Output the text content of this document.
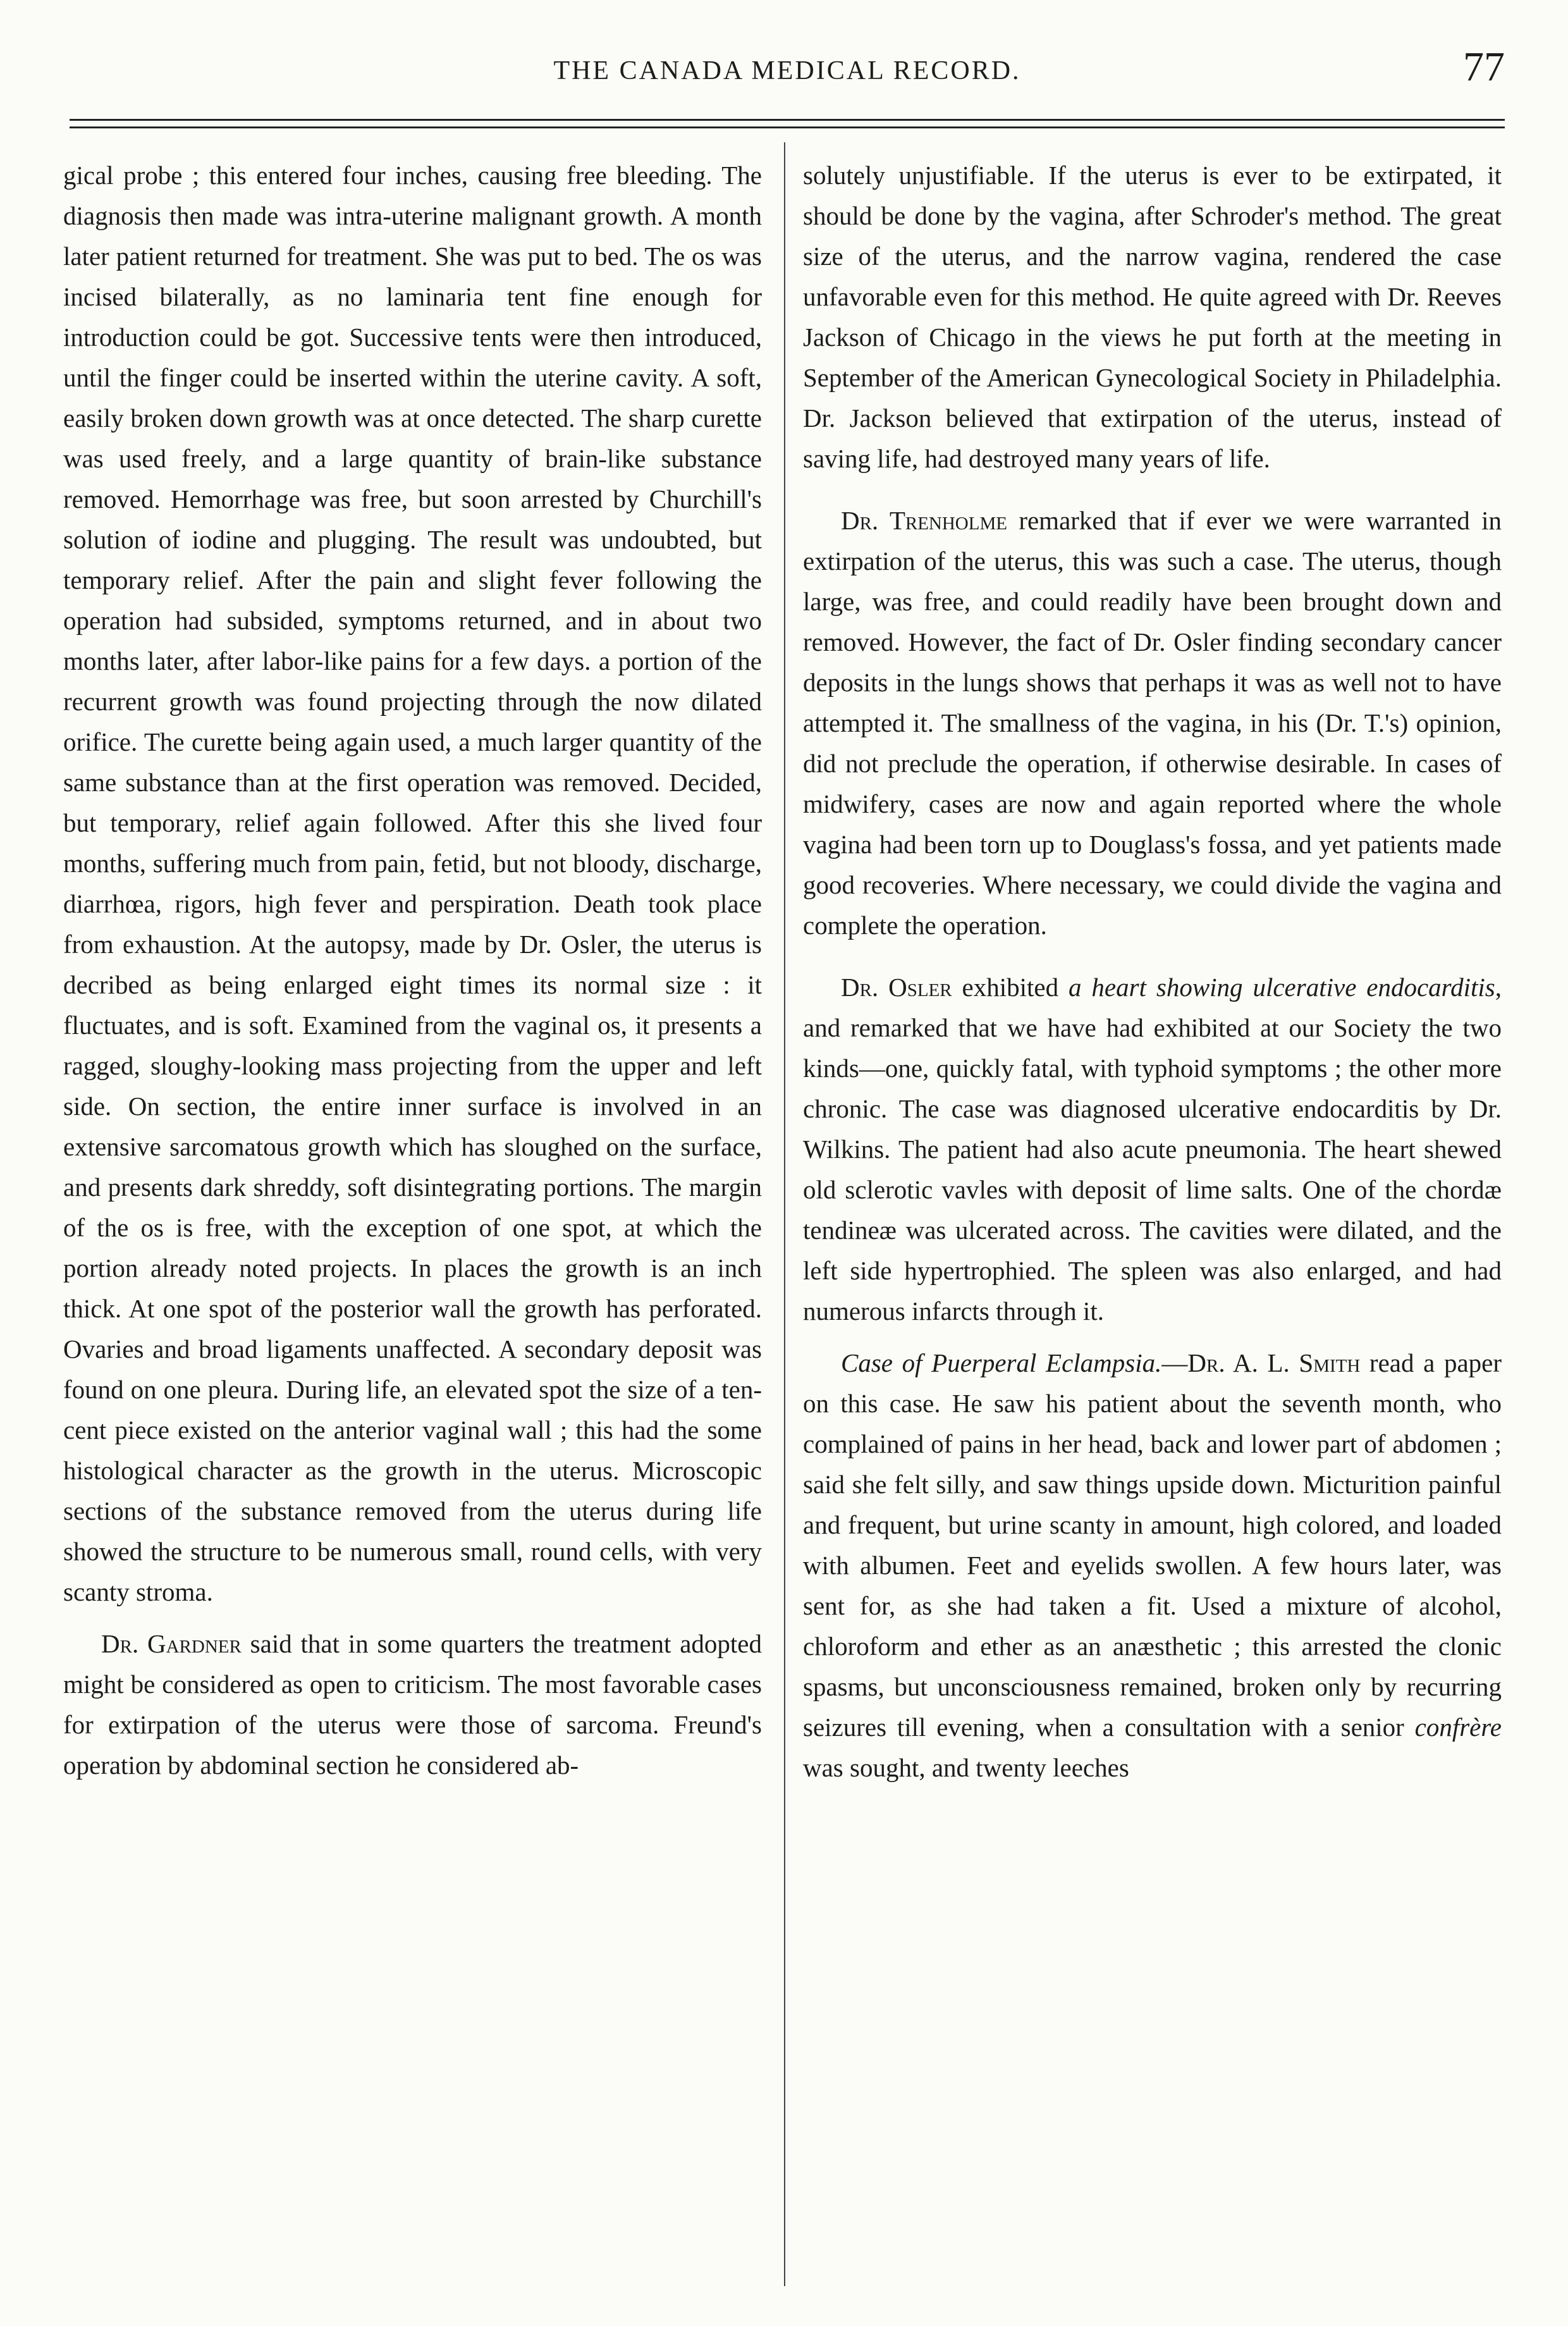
THE CANADA MEDICAL RECORD.	77

gical probe ; this entered four inches, causing free bleeding. The diagnosis then made was intra-uterine malignant growth. A month later patient returned for treatment. She was put to bed. The os was incised bilaterally, as no laminaria tent fine enough for introduction could be got. Successive tents were then introduced, until the finger could be inserted within the uterine cavity. A soft, easily broken down growth was at once detected. The sharp curette was used freely, and a large quantity of brain-like substance removed. Hemorrhage was free, but soon arrested by Churchill's solution of iodine and plugging. The result was undoubted, but temporary relief. After the pain and slight fever following the operation had subsided, symptoms returned, and in about two months later, after labor-like pains for a few days. a portion of the recurrent growth was found projecting through the now dilated orifice. The curette being again used, a much larger quantity of the same substance than at the first operation was removed. Decided, but temporary, relief again followed. After this she lived four months, suffering much from pain, fetid, but not bloody, discharge, diarrhœa, rigors, high fever and perspiration. Death took place from exhaustion. At the autopsy, made by Dr. Osler, the uterus is decribed as being enlarged eight times its normal size : it fluctuates, and is soft. Examined from the vaginal os, it presents a ragged, sloughy-looking mass projecting from the upper and left side. On section, the entire inner surface is involved in an extensive sarcomatous growth which has sloughed on the surface, and presents dark shreddy, soft disintegrating portions. The margin of the os is free, with the exception of one spot, at which the portion already noted projects. In places the growth is an inch thick. At one spot of the posterior wall the growth has perforated. Ovaries and broad ligaments unaffected. A secondary deposit was found on one pleura. During life, an elevated spot the size of a ten-cent piece existed on the anterior vaginal wall ; this had the some histological character as the growth in the uterus. Microscopic sections of the substance removed from the uterus during life showed the structure to be numerous small, round cells, with very scanty stroma.

Dr. Gardner said that in some quarters the treatment adopted might be considered as open to criticism. The most favorable cases for extirpation of the uterus were those of sarcoma. Freund's operation by abdominal section he considered ab-

solutely unjustifiable. If the uterus is ever to be extirpated, it should be done by the vagina, after Schroder's method. The great size of the uterus, and the narrow vagina, rendered the case unfavorable even for this method. He quite agreed with Dr. Reeves Jackson of Chicago in the views he put forth at the meeting in September of the American Gynecological Society in Philadelphia. Dr. Jackson believed that extirpation of the uterus, instead of saving life, had destroyed many years of life.

Dr. Trenholme remarked that if ever we were warranted in extirpation of the uterus, this was such a case. The uterus, though large, was free, and could readily have been brought down and removed. However, the fact of Dr. Osler finding secondary cancer deposits in the lungs shows that perhaps it was as well not to have attempted it. The smallness of the vagina, in his (Dr. T.'s) opinion, did not preclude the operation, if otherwise desirable. In cases of midwifery, cases are now and again reported where the whole vagina had been torn up to Douglass's fossa, and yet patients made good recoveries. Where necessary, we could divide the vagina and complete the operation.

Dr. Osler exhibited a heart showing ulcerative endocarditis, and remarked that we have had exhibited at our Society the two kinds—one, quickly fatal, with typhoid symptoms ; the other more chronic. The case was diagnosed ulcerative endocarditis by Dr. Wilkins. The patient had also acute pneumonia. The heart shewed old sclerotic vavles with deposit of lime salts. One of the chordæ tendineæ was ulcerated across. The cavities were dilated, and the left side hypertrophied. The spleen was also enlarged, and had numerous infarcts through it.

Case of Puerperal Eclampsia.—Dr. A. L. Smith read a paper on this case. He saw his patient about the seventh month, who complained of pains in her head, back and lower part of abdomen ; said she felt silly, and saw things upside down. Micturition painful and frequent, but urine scanty in amount, high colored, and loaded with albumen. Feet and eyelids swollen. A few hours later, was sent for, as she had taken a fit. Used a mixture of alcohol, chloroform and ether as an anæsthetic ; this arrested the clonic spasms, but unconsciousness remained, broken only by recurring seizures till evening, when a consultation with a senior confrère was sought, and twenty leeches
